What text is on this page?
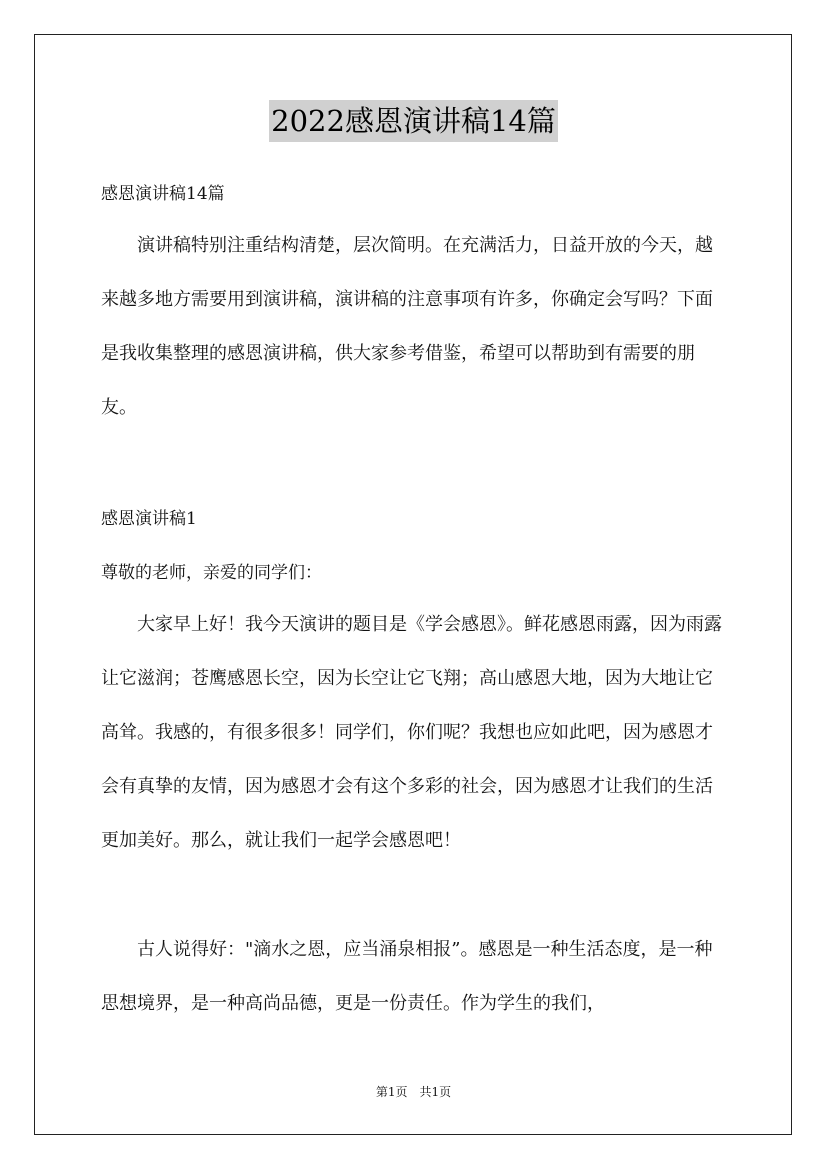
2022感恩演讲稿14篇
感恩演讲稿14篇

演讲稿特别注重结构清楚，层次简明。在充满活力，日益开放的今天，越来越多地方需要用到演讲稿，演讲稿的注意事项有许多，你确定会写吗？下面是我收集整理的感恩演讲稿，供大家参考借鉴，希望可以帮助到有需要的朋友。

感恩演讲稿1
尊敬的老师，亲爱的同学们：

大家早上好！我今天演讲的题目是《学会感恩》。鲜花感恩雨露，因为雨露让它滋润；苍鹰感恩长空，因为长空让它飞翔；高山感恩大地，因为大地让它高耸。我感的，有很多很多！同学们，你们呢？我想也应如此吧，因为感恩才会有真挚的友情，因为感恩才会有这个多彩的社会，因为感恩才让我们的生活更加美好。那么，就让我们一起学会感恩吧！

古人说得好："滴水之恩，应当涌泉相报”。感恩是一种生活态度，是一种思想境界，是一种高尚品德，更是一份责任。作为学生的我们，

第1页　共1页
